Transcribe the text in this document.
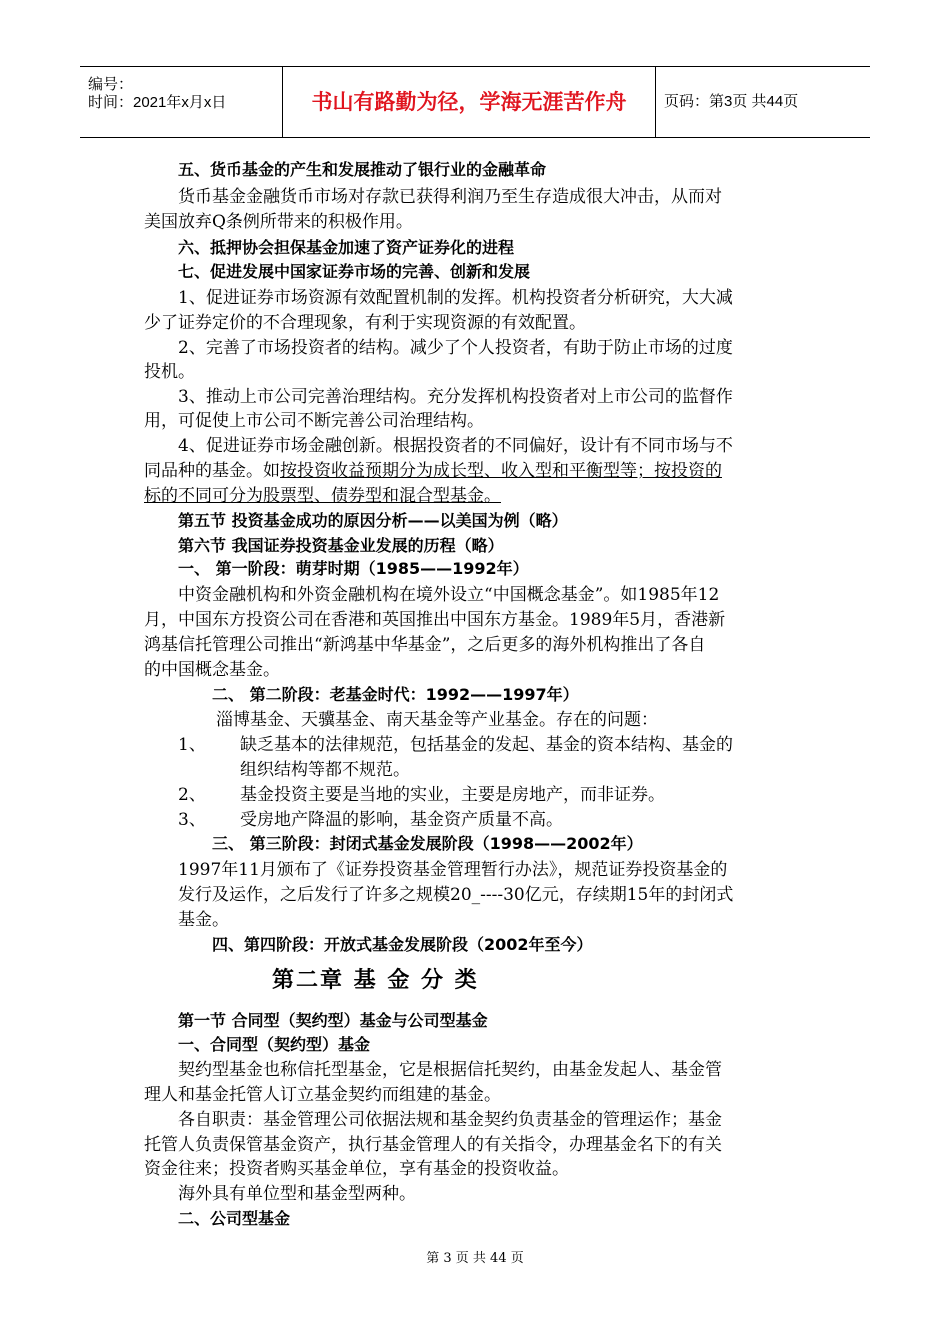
编号：
时间：2021年x月x日	书山有路勤为径，学海无涯苦作舟	页码：第3页 共44页
五、货币基金的产生和发展推动了银行业的金融革命
货币基金金融货币市场对存款已获得利润乃至生存造成很大冲击，从而对
美国放弃Q条例所带来的积极作用。
六、抵押协会担保基金加速了资产证券化的进程
七、促进发展中国家证券市场的完善、创新和发展
1、促进证券市场资源有效配置机制的发挥。机构投资者分析研究，大大减
少了证券定价的不合理现象，有利于实现资源的有效配置。
2、完善了市场投资者的结构。减少了个人投资者，有助于防止市场的过度
投机。
3、推动上市公司完善治理结构。充分发挥机构投资者对上市公司的监督作
用，可促使上市公司不断完善公司治理结构。
4、促进证券市场金融创新。根据投资者的不同偏好，设计有不同市场与不
同品种的基金。如按投资收益预期分为成长型、收入型和平衡型等；按投资的
标的不同可分为股票型、债券型和混合型基金。
第五节 投资基金成功的原因分析——以美国为例（略）
第六节 我国证券投资基金业发展的历程（略）
一、 第一阶段：萌芽时期（1985——1992年）
中资金融机构和外资金融机构在境外设立“中国概念基金”。如1985年12
月，中国东方投资公司在香港和英国推出中国东方基金。1989年5月，香港新
鸿基信托管理公司推出“新鸿基中华基金”，之后更多的海外机构推出了各自
的中国概念基金。
二、 第二阶段：老基金时代：1992——1997年）
淄博基金、天骥基金、南天基金等产业基金。存在的问题：
1、 缺乏基本的法律规范，包括基金的发起、基金的资本结构、基金的
组织结构等都不规范。
2、 基金投资主要是当地的实业，主要是房地产，而非证券。
3、 受房地产降温的影响，基金资产质量不高。
三、 第三阶段：封闭式基金发展阶段（1998——2002年）
1997年11月颁布了《证券投资基金管理暂行办法》，规范证券投资基金的
发行及运作，之后发行了许多之规模20_----30亿元，存续期15年的封闭式
基金。
四、第四阶段：开放式基金发展阶段（2002年至今）
第二章 基 金 分 类
第一节 合同型（契约型）基金与公司型基金
一、合同型（契约型）基金
契约型基金也称信托型基金，它是根据信托契约，由基金发起人、基金管
理人和基金托管人订立基金契约而组建的基金。
各自职责：基金管理公司依据法规和基金契约负责基金的管理运作；基金
托管人负责保管基金资产，执行基金管理人的有关指令，办理基金名下的有关
资金往来；投资者购买基金单位，享有基金的投资收益。
海外具有单位型和基金型两种。
二、公司型基金
第 3 页 共 44 页
